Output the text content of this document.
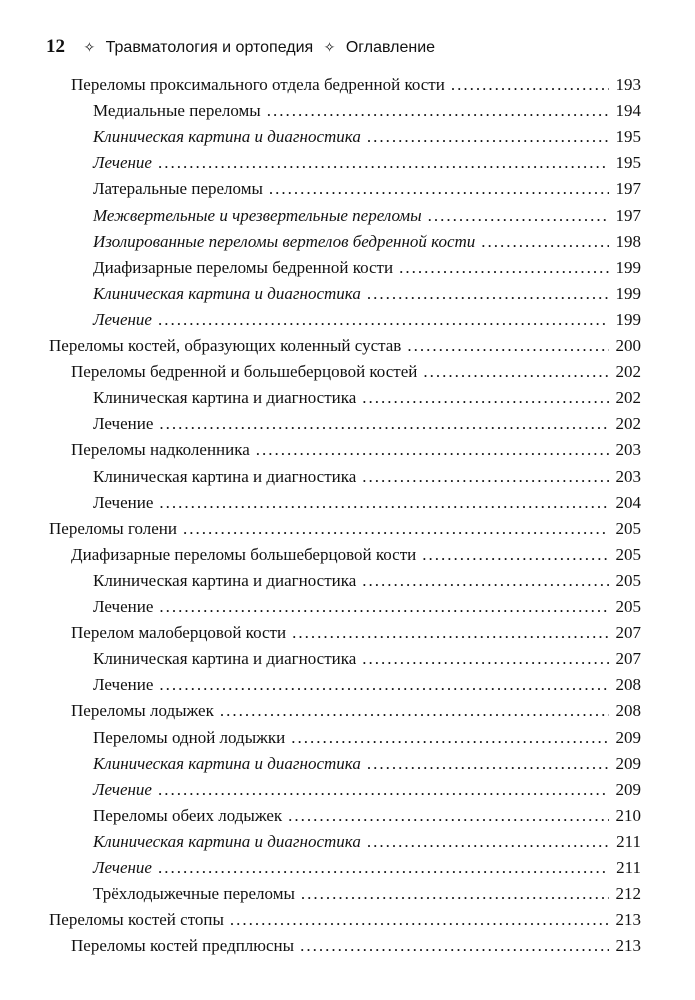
12 ✧ Травматология и ортопедия ✧ Оглавление
Переломы проксимального отдела бедренной кости .....	193
Медиальные переломы .....	194
Клиническая картина и диагностика .....	195
Лечение .....	195
Латеральные переломы .....	197
Межвертельные и чрезвертельные переломы .....	197
Изолированные переломы вертелов бедренной кости .....	198
Диафизарные переломы бедренной кости .....	199
Клиническая картина и диагностика .....	199
Лечение .....	199
Переломы костей, образующих коленный сустав .....	200
Переломы бедренной и большеберцовой костей .....	202
Клиническая картина и диагностика .....	202
Лечение .....	202
Переломы надколенника .....	203
Клиническая картина и диагностика .....	203
Лечение .....	204
Переломы голени .....	205
Диафизарные переломы большеберцовой кости .....	205
Клиническая картина и диагностика .....	205
Лечение .....	205
Перелом малоберцовой кости .....	207
Клиническая картина и диагностика .....	207
Лечение .....	208
Переломы лодыжек .....	208
Переломы одной лодыжки .....	209
Клиническая картина и диагностика .....	209
Лечение .....	209
Переломы обеих лодыжек .....	210
Клиническая картина и диагностика .....	211
Лечение .....	211
Трёхлодыжечные переломы .....	212
Переломы костей стопы .....	213
Переломы костей предплюсны .....	213
